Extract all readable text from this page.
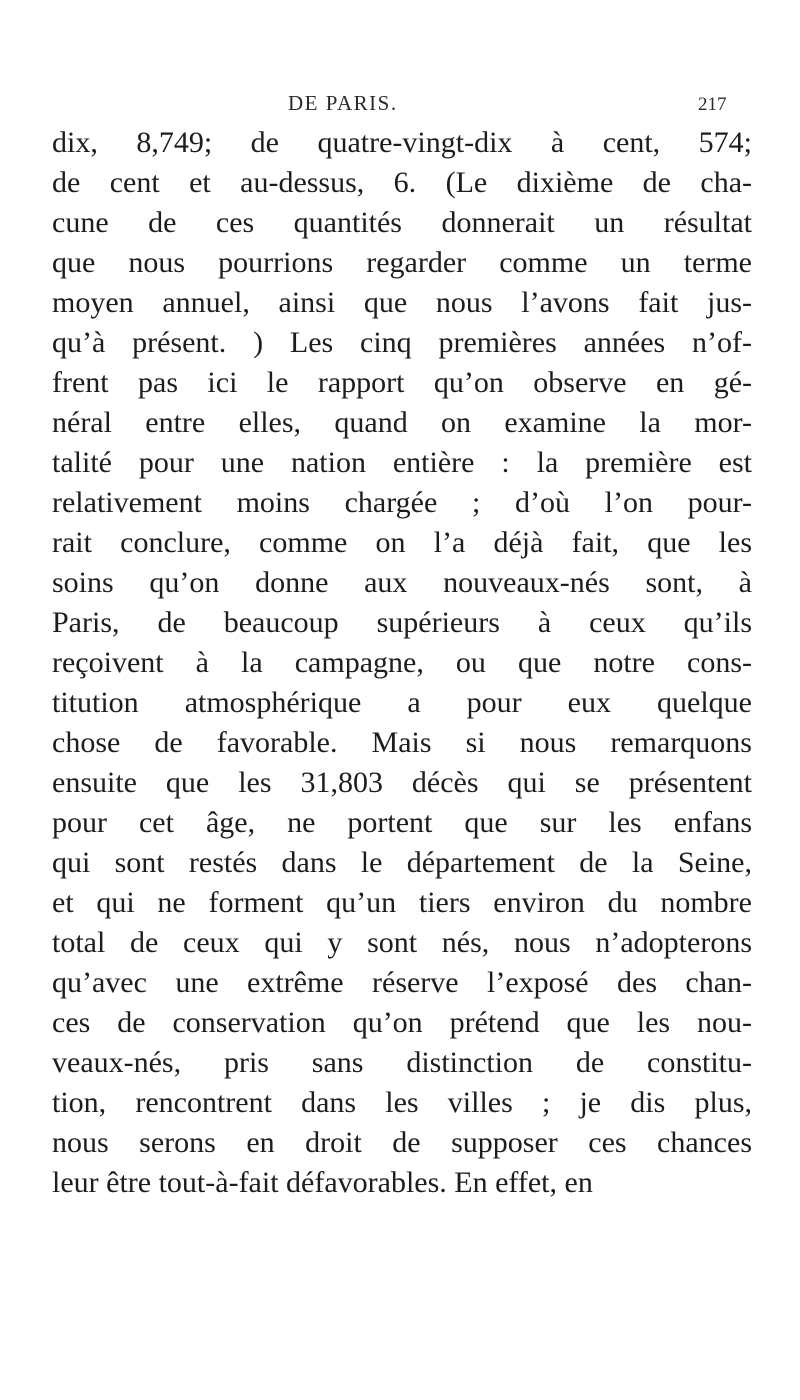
DE PARIS.	217
dix, 8,749; de quatre-vingt-dix à cent, 574;
de cent et au-dessus, 6. (Le dixième de cha-
cune de ces quantités donnerait un résultat
que nous pourrions regarder comme un terme
moyen annuel, ainsi que nous l’avons fait jus-
qu’à présent. ) Les cinq premières années n’of-
frent pas ici le rapport qu’on observe en gé-
néral entre elles, quand on examine la mor-
talité pour une nation entière : la première est
relativement moins chargée ; d’où l’on pour-
rait conclure, comme on l’a déjà fait, que les
soins qu’on donne aux nouveaux-nés sont, à
Paris, de beaucoup supérieurs à ceux qu’ils
reçoivent à la campagne, ou que notre cons-
titution atmosphérique a pour eux quelque
chose de favorable. Mais si nous remarquons
ensuite que les 31,803 décès qui se présentent
pour cet âge, ne portent que sur les enfans
qui sont restés dans le département de la Seine,
et qui ne forment qu’un tiers environ du nombre
total de ceux qui y sont nés, nous n’adopterons
qu’avec une extrême réserve l’exposé des chan-
ces de conservation qu’on prétend que les nou-
veaux-nés, pris sans distinction de constitu-
tion, rencontrent dans les villes ; je dis plus,
nous serons en droit de supposer ces chances
leur être tout-à-fait défavorables. En effet, en
